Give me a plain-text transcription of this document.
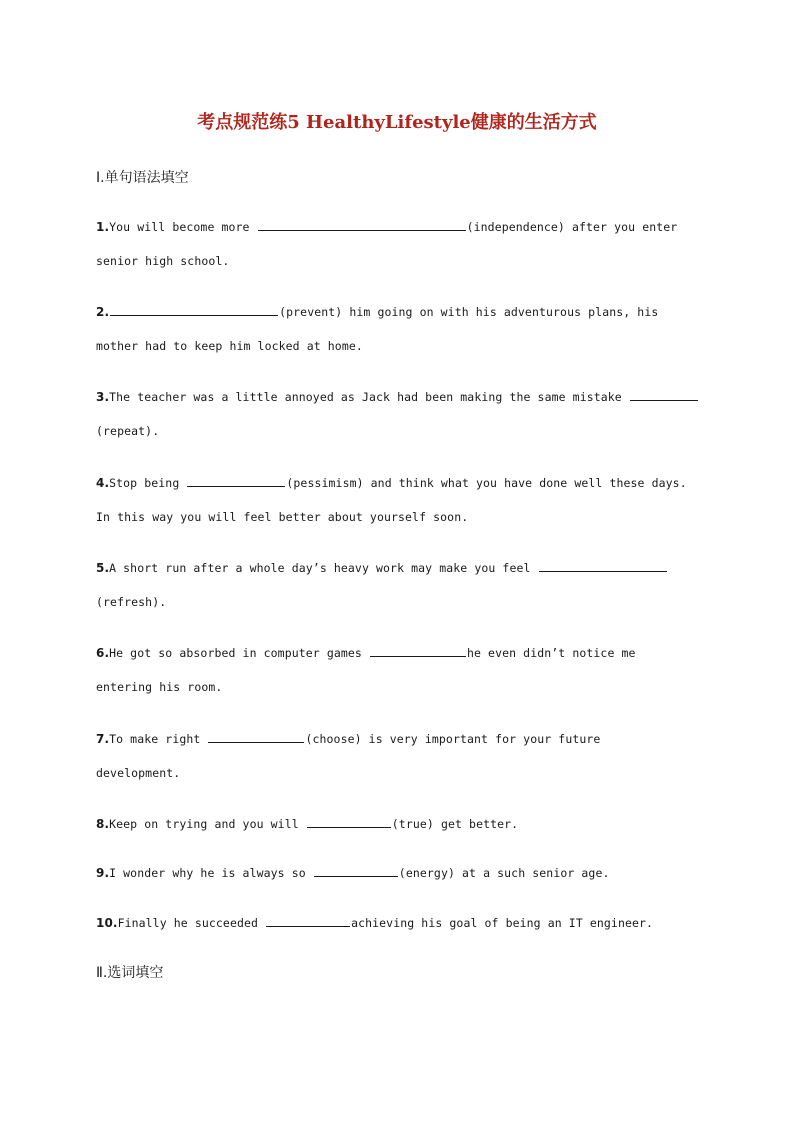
考点规范练5 HealthyLifestyle健康的生活方式
Ⅰ.单句语法填空
1.You will become more	(independence) after you enter
senior high school.
2.	(prevent) him going on with his adventurous plans, his
mother had to keep him locked at home.
3.The teacher was a little annoyed as Jack had been making the same mistake
(repeat).
4.Stop being	(pessimism) and think what you have done well these days.
In this way you will feel better about yourself soon.
5.A short run after a whole day’s heavy work may make you feel
(refresh).
6.He got so absorbed in computer games	he even didn’t notice me
entering his room.
7.To make right	(choose) is very important for your future
development.
8.Keep on trying and you will	(true) get better.
9.I wonder why he is always so	(energy) at a such senior age.
10.Finally he succeeded	achieving his goal of being an IT engineer.
Ⅱ.选词填空
